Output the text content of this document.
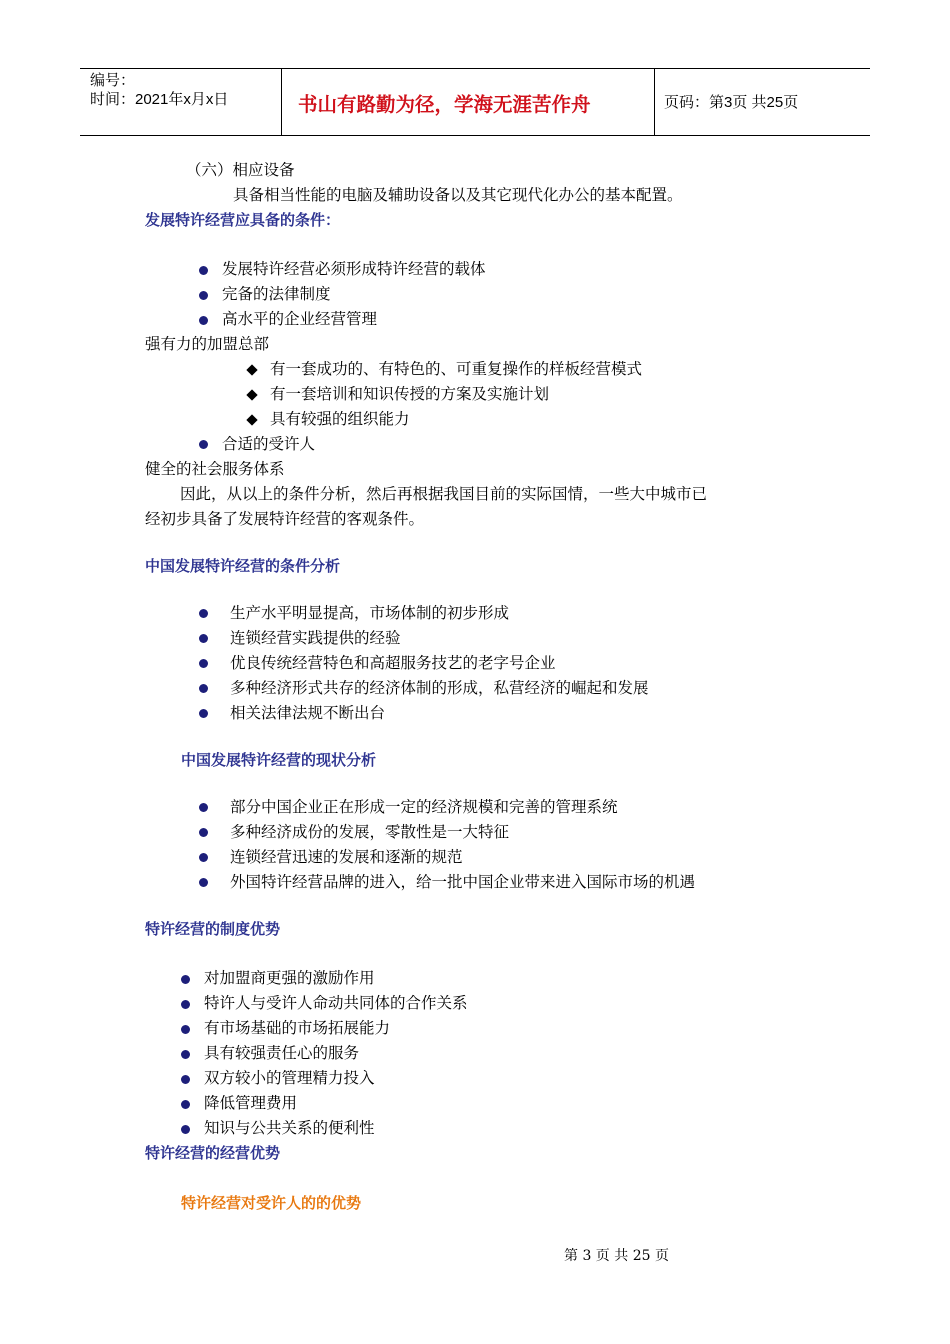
编号：
时间：2021年x月x日	书山有路勤为径，学海无涯苦作舟	页码：第3页 共25页
（六）相应设备
具备相当性能的电脑及辅助设备以及其它现代化办公的基本配置。
发展特许经营应具备的条件：
发展特许经营必须形成特许经营的载体
完备的法律制度
高水平的企业经营管理
强有力的加盟总部
有一套成功的、有特色的、可重复操作的样板经营模式
有一套培训和知识传授的方案及实施计划
具有较强的组织能力
合适的受许人
健全的社会服务体系
因此，从以上的条件分析，然后再根据我国目前的实际国情，一些大中城市已
经初步具备了发展特许经营的客观条件。
中国发展特许经营的条件分析
生产水平明显提高，市场体制的初步形成
连锁经营实践提供的经验
优良传统经营特色和高超服务技艺的老字号企业
多种经济形式共存的经济体制的形成，私营经济的崛起和发展
相关法律法规不断出台
中国发展特许经营的现状分析
部分中国企业正在形成一定的经济规模和完善的管理系统
多种经济成份的发展，零散性是一大特征
连锁经营迅速的发展和逐渐的规范
外国特许经营品牌的进入，给一批中国企业带来进入国际市场的机遇
特许经营的制度优势
对加盟商更强的激励作用
特许人与受许人命动共同体的合作关系
有市场基础的市场拓展能力
具有较强责任心的服务
双方较小的管理精力投入
降低管理费用
知识与公共关系的便利性
特许经营的经营优势
特许经营对受许人的的优势
第 3 页 共 25 页
